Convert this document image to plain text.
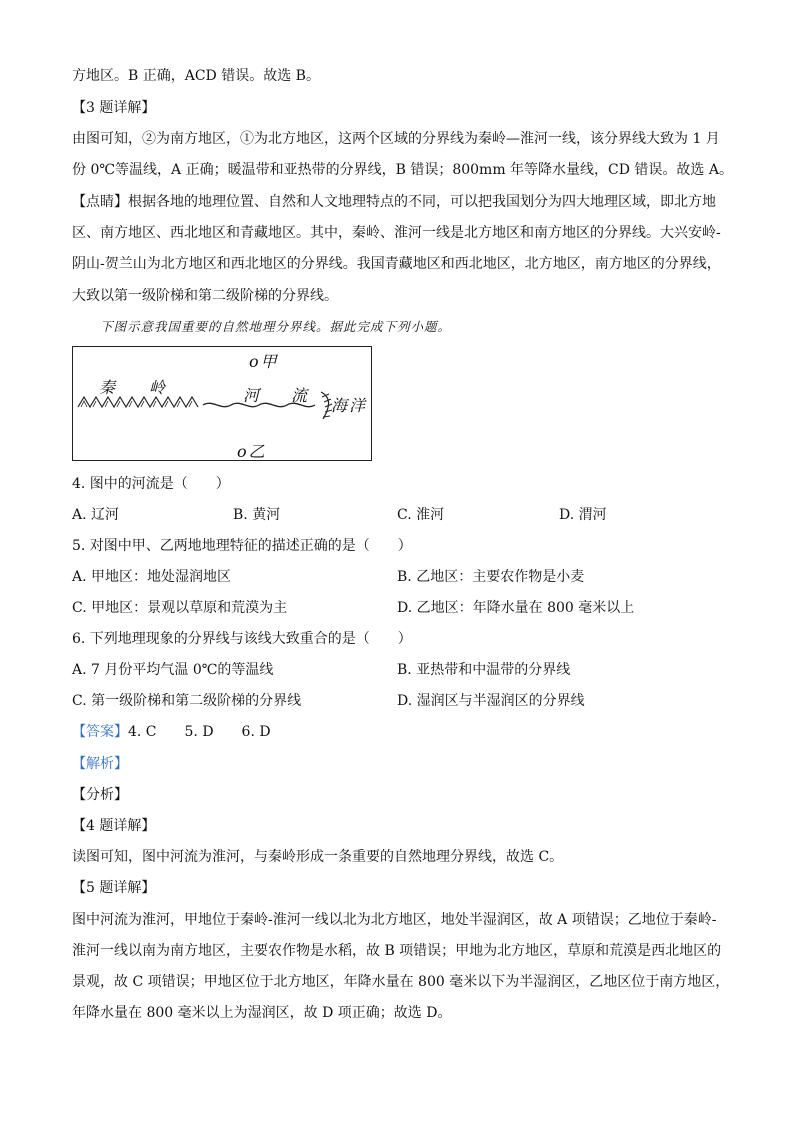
方地区。B 正确，ACD 错误。故选 B。
【3 题详解】
由图可知，②为南方地区，①为北方地区，这两个区域的分界线为秦岭—淮河一线，该分界线大致为 1 月
份 0℃等温线，A 正确；暖温带和亚热带的分界线，B 错误；800mm 年等降水量线，CD 错误。故选 A。
【点睛】根据各地的地理位置、自然和人文地理特点的不同，可以把我国划分为四大地理区域，即北方地
区、南方地区、西北地区和青藏地区。其中，秦岭、淮河一线是北方地区和南方地区的分界线。大兴安岭-
阴山-贺兰山为北方地区和西北地区的分界线。我国青藏地区和西北地区，北方地区，南方地区的分界线，
大致以第一级阶梯和第二级阶梯的分界线。
下图示意我国重要的自然地理分界线。据此完成下列小题。
o甲
秦 岭	河 流
海洋
o乙
4. 图中的河流是（　　）
A. 辽河	B. 黄河	C. 淮河	D. 渭河
5. 对图中甲、乙两地地理特征的描述正确的是（　　）
A. 甲地区：地处湿润地区	B. 乙地区：主要农作物是小麦
C. 甲地区：景观以草原和荒漠为主	D. 乙地区：年降水量在 800 毫米以上
6. 下列地理现象的分界线与该线大致重合的是（　　）
A. 7 月份平均气温 0℃的等温线	B. 亚热带和中温带的分界线
C. 第一级阶梯和第二级阶梯的分界线	D. 湿润区与半湿润区的分界线
【答案】4. C　　5. D　　6. D
【解析】
【分析】
【4 题详解】
读图可知，图中河流为淮河，与秦岭形成一条重要的自然地理分界线，故选 C。
【5 题详解】
图中河流为淮河，甲地位于秦岭-淮河一线以北为北方地区，地处半湿润区，故 A 项错误；乙地位于秦岭-
淮河一线以南为南方地区，主要农作物是水稻，故 B 项错误；甲地为北方地区，草原和荒漠是西北地区的
景观，故 C 项错误；甲地区位于北方地区，年降水量在 800 毫米以下为半湿润区，乙地区位于南方地区，
年降水量在 800 毫米以上为湿润区，故 D 项正确；故选 D。
